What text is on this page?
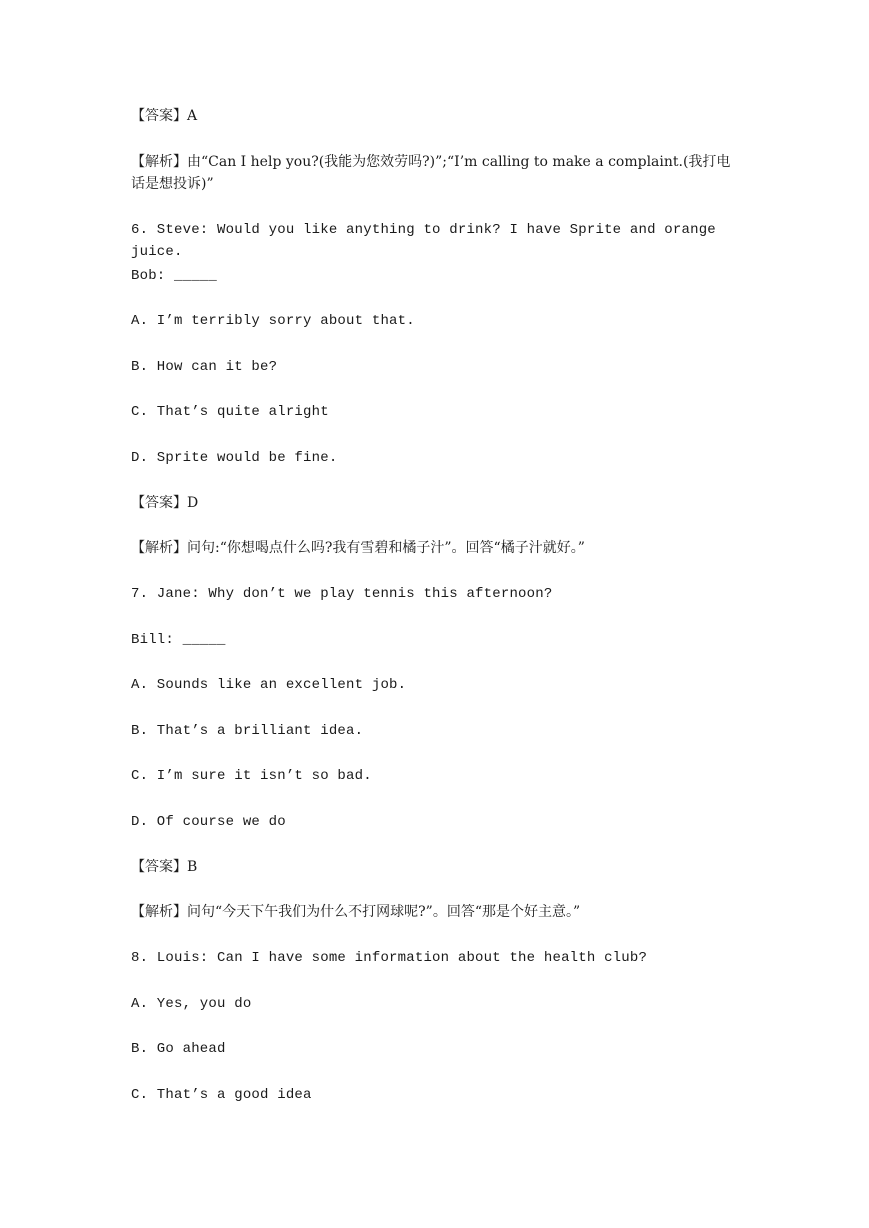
【答案】A
【解析】由“Can I help you?(我能为您效劳吗?)”;“I’m calling to make a complaint.(我打电话是想投诉)”
6. Steve: Would you like anything to drink? I have Sprite and orange juice.
Bob: _____
A. I’m terribly sorry about that.
B. How can it be?
C. That’s quite alright
D. Sprite would be fine.
【答案】D
【解析】问句:“你想喝点什么吗?我有雪碧和橘子汁”。回答“橘子汁就好。”
7. Jane: Why don’t we play tennis this afternoon?
Bill: _____
A. Sounds like an excellent job.
B. That’s a brilliant idea.
C. I’m sure it isn’t so bad.
D. Of course we do
【答案】B
【解析】问句“今天下午我们为什么不打网球呢?”。回答“那是个好主意。”
8. Louis: Can I have some information about the health club?
A. Yes, you do
B. Go ahead
C. That’s a good idea
